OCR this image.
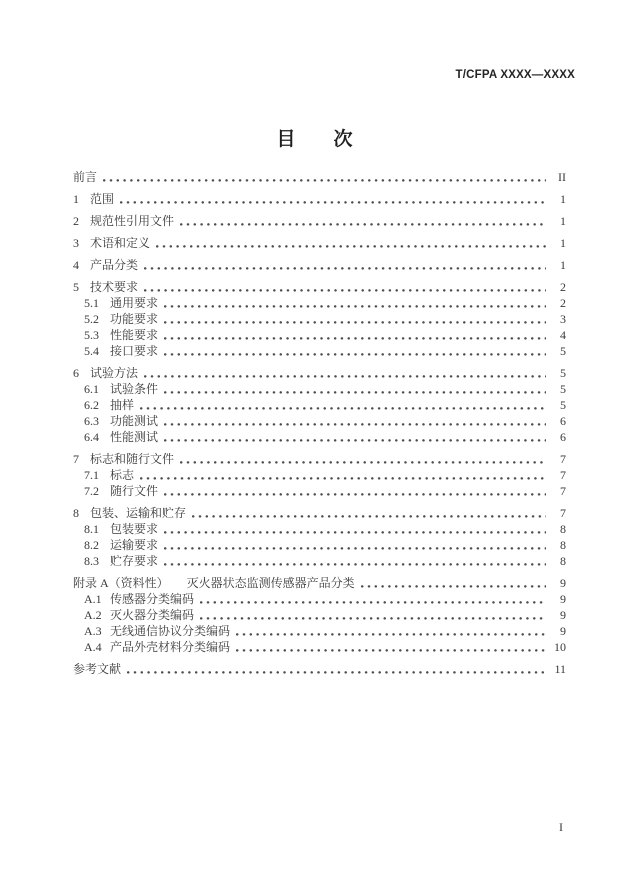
T/CFPA XXXX—XXXX
目　　次
前言	II
1 范围	1
2 规范性引用文件	1
3 术语和定义	1
4 产品分类	1
5 技术要求	2
5.1 通用要求	2
5.2 功能要求	3
5.3 性能要求	4
5.4 接口要求	5
6 试验方法	5
6.1 试验条件	5
6.2 抽样	5
6.3 功能测试	6
6.4 性能测试	6
7 标志和随行文件	7
7.1 标志	7
7.2 随行文件	7
8 包装、运输和贮存	7
8.1 包装要求	8
8.2 运输要求	8
8.3 贮存要求	8
附录 A（资料性）　　灭火器状态监测传感器产品分类	9
A.1 传感器分类编码	9
A.2 灭火器分类编码	9
A.3 无线通信协议分类编码	9
A.4 产品外壳材料分类编码	10
参考文献	11
I
